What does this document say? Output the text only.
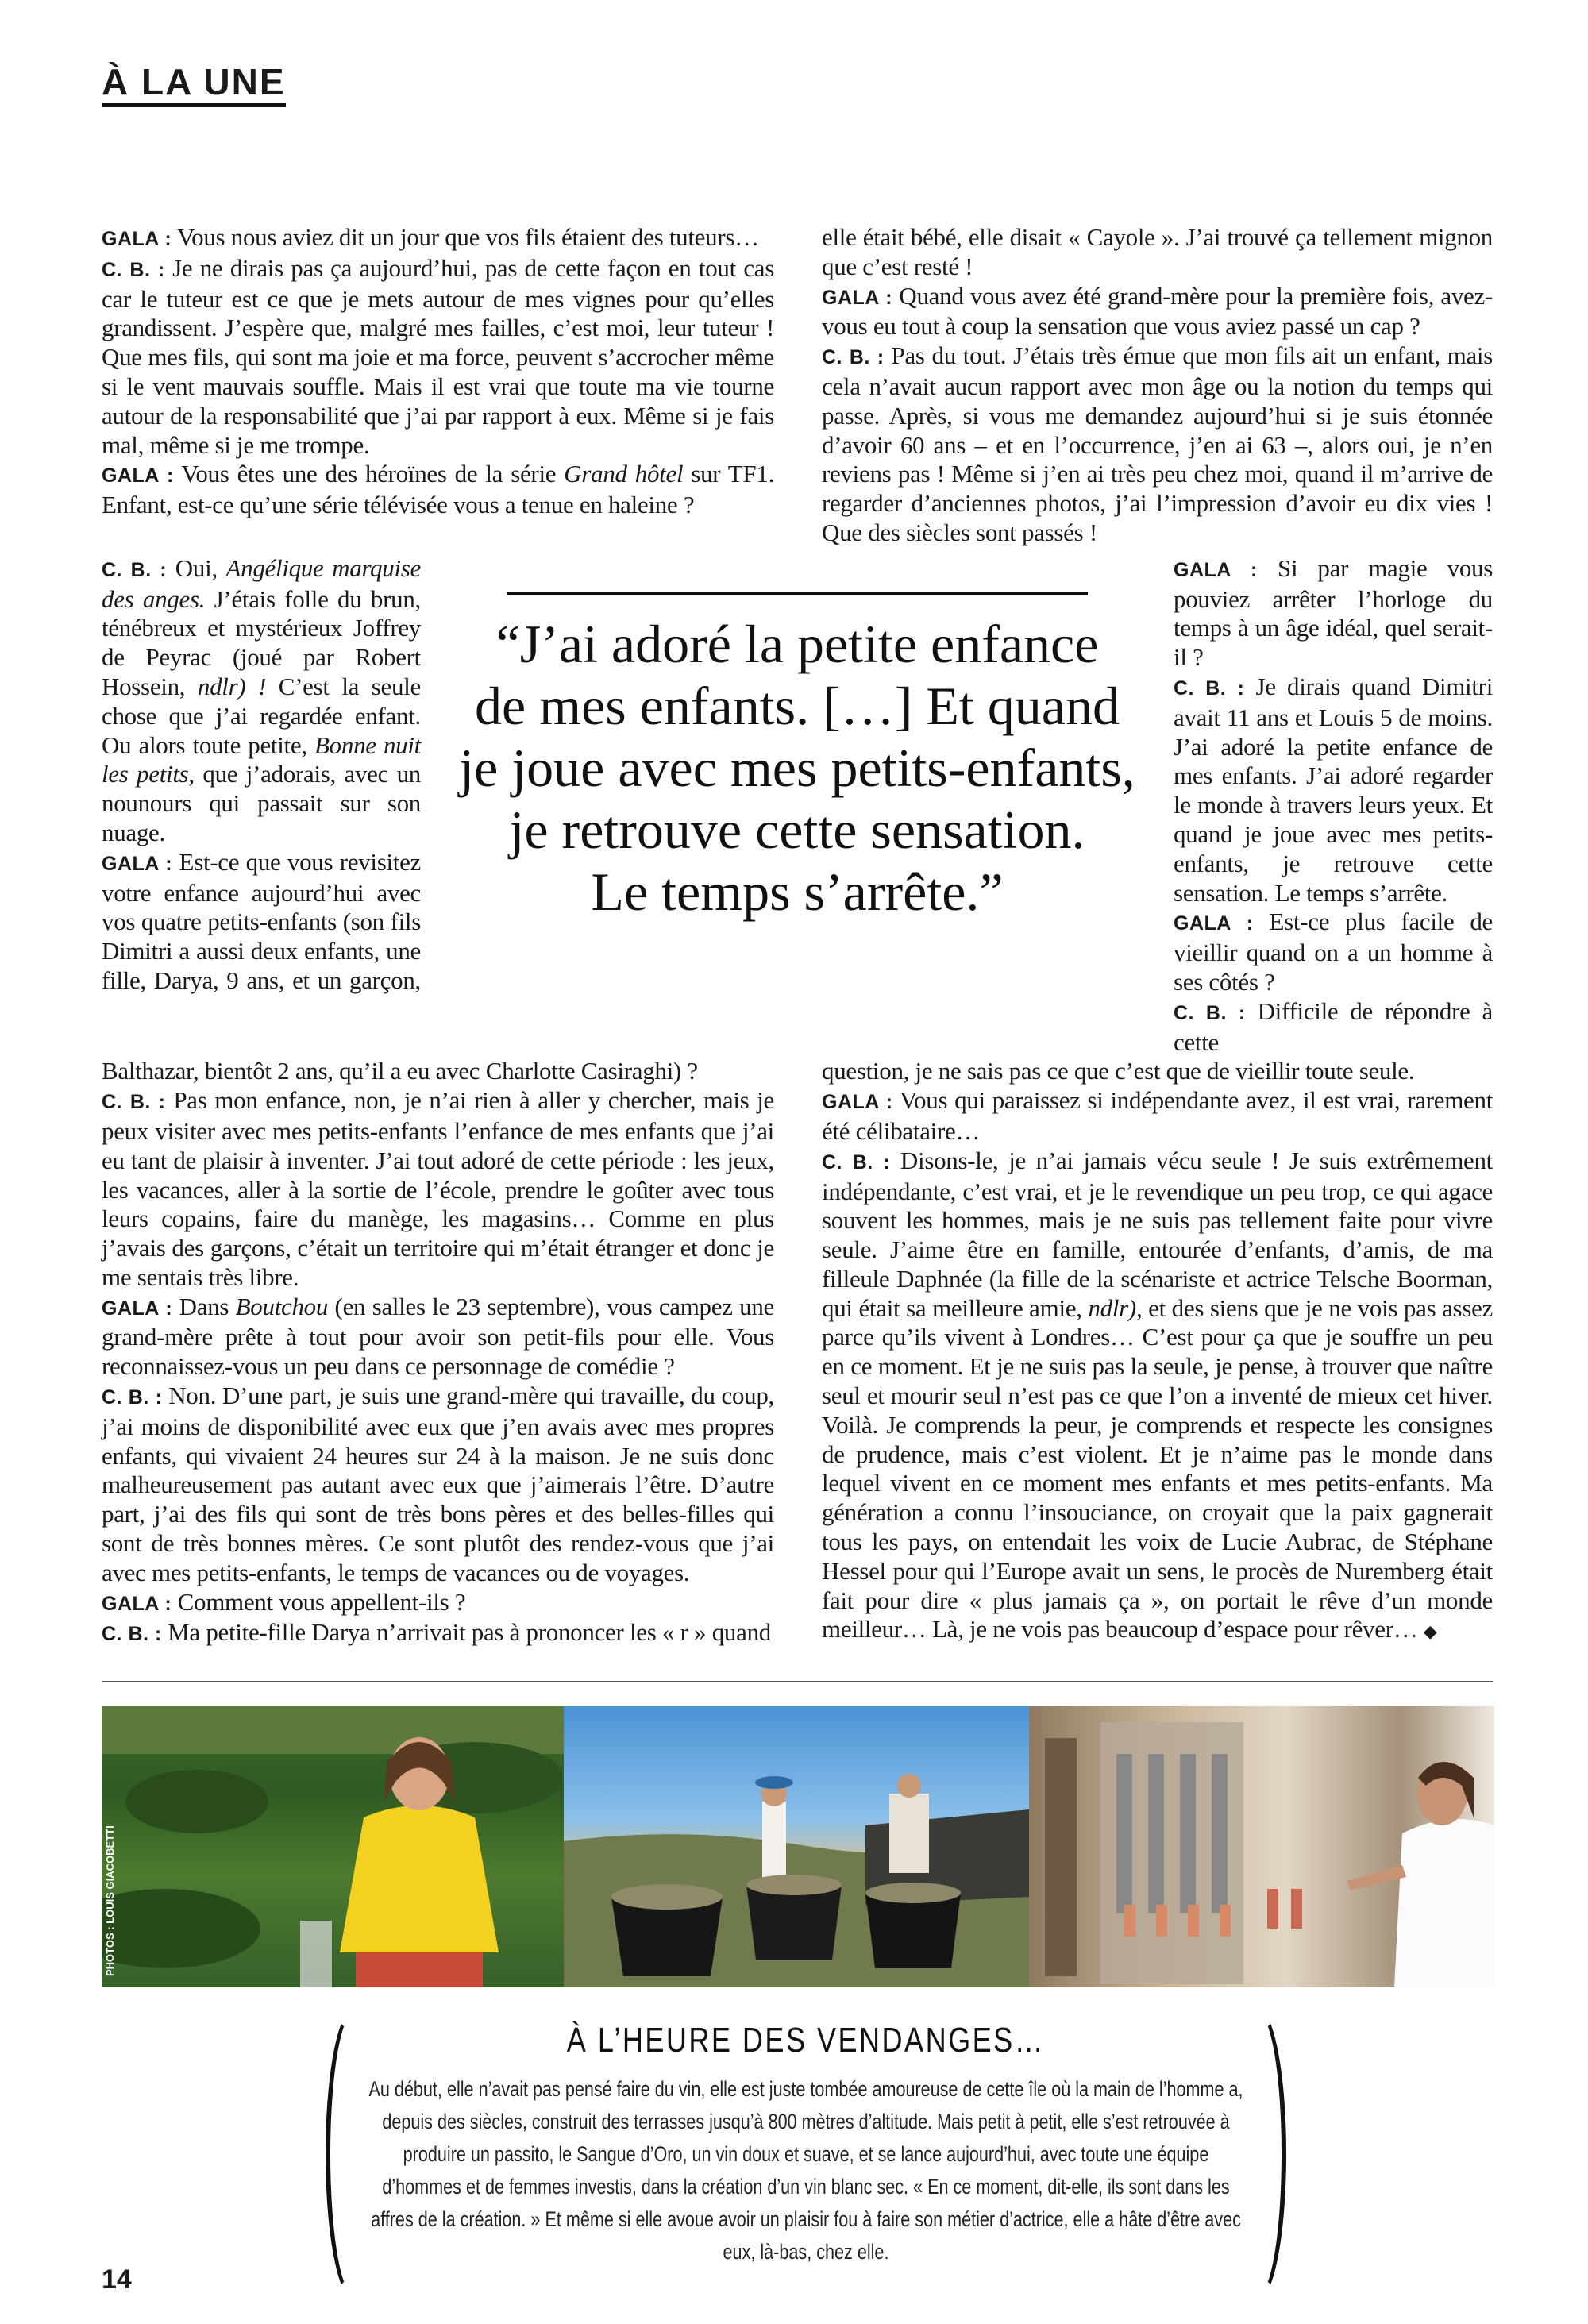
À LA UNE

GALA : Vous nous aviez dit un jour que vos fils étaient des tuteurs…

C. B. : Je ne dirais pas ça aujourd’hui, pas de cette façon en tout cas car le tuteur est ce que je mets autour de mes vignes pour qu’elles grandissent. J’espère que, malgré mes failles, c’est moi, leur tuteur ! Que mes fils, qui sont ma joie et ma force, peuvent s’accrocher même si le vent mauvais souffle. Mais il est vrai que toute ma vie tourne autour de la responsabilité que j’ai par rapport à eux. Même si je fais mal, même si je me trompe.

GALA : Vous êtes une des héroïnes de la série Grand hôtel sur TF1. Enfant, est-ce qu’une série télévisée vous a tenue en haleine ?

elle était bébé, elle disait « Cayole ». J’ai trouvé ça tellement mignon que c’est resté !

GALA : Quand vous avez été grand-mère pour la première fois, avez-vous eu tout à coup la sensation que vous aviez passé un cap ?

C. B. : Pas du tout. J’étais très émue que mon fils ait un enfant, mais cela n’avait aucun rapport avec mon âge ou la notion du temps qui passe. Après, si vous me demandez aujourd’hui si je suis étonnée d’avoir 60 ans – et en l’occurrence, j’en ai 63 –, alors oui, je n’en reviens pas ! Même si j’en ai très peu chez moi, quand il m’arrive de regarder d’anciennes photos, j’ai l’impression d’avoir eu dix vies ! Que des siècles sont passés !

C. B. : Oui, Angélique marquise des anges. J’étais folle du brun, ténébreux et mystérieux Joffrey de Peyrac (joué par Robert Hossein, ndlr) ! C’est la seule chose que j’ai regardée enfant. Ou alors toute petite, Bonne nuit les petits, que j’adorais, avec un nounours qui passait sur son nuage.

GALA : Est-ce que vous revisitez votre enfance aujourd’hui avec vos quatre petits-enfants (son fils Dimitri a aussi deux enfants, une fille, Darya, 9 ans, et un garçon,

“J’ai adoré la petite enfance
de mes enfants. […] Et quand
je joue avec mes petits-enfants,
je retrouve cette sensation.
Le temps s’arrête.”

GALA : Si par magie vous pouviez arrêter l’horloge du temps à un âge idéal, quel serait-il ?

C. B. : Je dirais quand Dimitri avait 11 ans et Louis 5 de moins. J’ai adoré la petite enfance de mes enfants. J’ai adoré regarder le monde à travers leurs yeux. Et quand je joue avec mes petits-enfants, je retrouve cette sensation. Le temps s’arrête.

GALA : Est-ce plus facile de vieillir quand on a un homme à ses côtés ?

C. B. : Difficile de répondre à cette

Balthazar, bientôt 2 ans, qu’il a eu avec Charlotte Casiraghi) ?

C. B. : Pas mon enfance, non, je n’ai rien à aller y chercher, mais je peux visiter avec mes petits-enfants l’enfance de mes enfants que j’ai eu tant de plaisir à inventer. J’ai tout adoré de cette période : les jeux, les vacances, aller à la sortie de l’école, prendre le goûter avec tous leurs copains, faire du manège, les magasins… Comme en plus j’avais des garçons, c’était un territoire qui m’était étranger et donc je me sentais très libre.

GALA : Dans Boutchou (en salles le 23 septembre), vous campez une grand-mère prête à tout pour avoir son petit-fils pour elle. Vous reconnaissez-vous un peu dans ce personnage de comédie ?

C. B. : Non. D’une part, je suis une grand-mère qui travaille, du coup, j’ai moins de disponibilité avec eux que j’en avais avec mes propres enfants, qui vivaient 24 heures sur 24 à la maison. Je ne suis donc malheureusement pas autant avec eux que j’aimerais l’être. D’autre part, j’ai des fils qui sont de très bons pères et des belles-filles qui sont de très bonnes mères. Ce sont plutôt des rendez-vous que j’ai avec mes petits-enfants, le temps de vacances ou de voyages.

GALA : Comment vous appellent-ils ?

C. B. : Ma petite-fille Darya n’arrivait pas à prononcer les « r » quand

question, je ne sais pas ce que c’est que de vieillir toute seule.

GALA : Vous qui paraissez si indépendante avez, il est vrai, rarement été célibataire…

C. B. : Disons-le, je n’ai jamais vécu seule ! Je suis extrêmement indépendante, c’est vrai, et je le revendique un peu trop, ce qui agace souvent les hommes, mais je ne suis pas tellement faite pour vivre seule. J’aime être en famille, entourée d’enfants, d’amis, de ma filleule Daphnée (la fille de la scénariste et actrice Telsche Boorman, qui était sa meilleure amie, ndlr), et des siens que je ne vois pas assez parce qu’ils vivent à Londres… C’est pour ça que je souffre un peu en ce moment. Et je ne suis pas la seule, je pense, à trouver que naître seul et mourir seul n’est pas ce que l’on a inventé de mieux cet hiver. Voilà. Je comprends la peur, je comprends et respecte les consignes de prudence, mais c’est violent. Et je n’aime pas le monde dans lequel vivent en ce moment mes enfants et mes petits-enfants. Ma génération a connu l’insouciance, on croyait que la paix gagnerait tous les pays, on entendait les voix de Lucie Aubrac, de Stéphane Hessel pour qui l’Europe avait un sens, le procès de Nuremberg était fait pour dire « plus jamais ça », on portait le rêve d’un monde meilleur… Là, je ne vois pas beaucoup d’espace pour rêver… ◆

PHOTOS : LOUIS GIACOBETTI
À L’HEURE DES VENDANGES…
Au début, elle n’avait pas pensé faire du vin, elle est juste tombée amoureuse de cette île où la main de l’homme a, depuis des siècles, construit des terrasses jusqu’à 800 mètres d’altitude. Mais petit à petit, elle s’est retrouvée à produire un passito, le Sangue d’Oro, un vin doux et suave, et se lance aujourd’hui, avec toute une équipe d’hommes et de femmes investis, dans la création d’un vin blanc sec. « En ce moment, dit-elle, ils sont dans les affres de la création. » Et même si elle avoue avoir un plaisir fou à faire son métier d’actrice, elle a hâte d’être avec eux, là-bas, chez elle.
14
